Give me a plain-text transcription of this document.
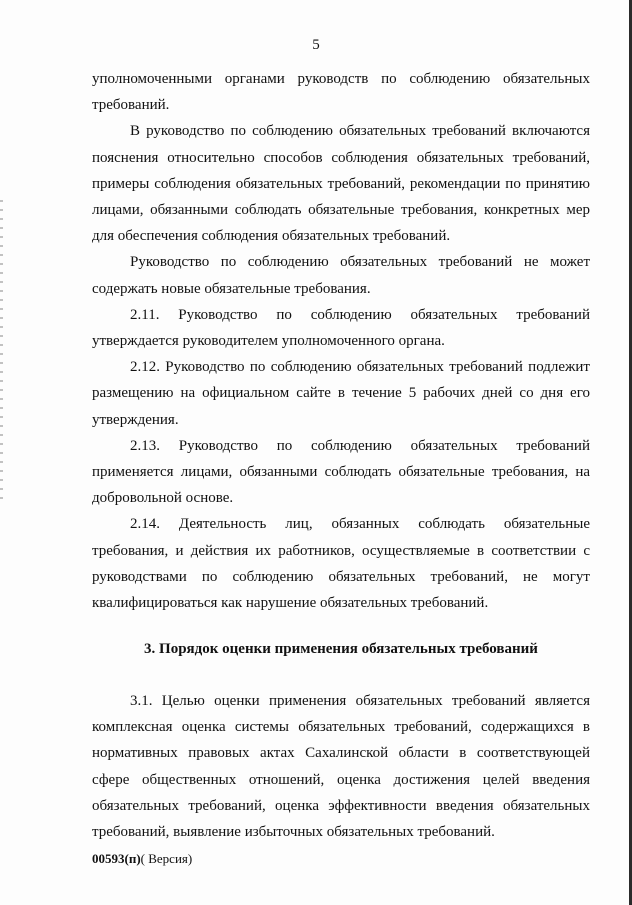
5

уполномоченными органами руководств по соблюдению обязательных требований.

В руководство по соблюдению обязательных требований включаются пояснения относительно способов соблюдения обязательных требований, примеры соблюдения обязательных требований, рекомендации по принятию лицами, обязанными соблюдать обязательные требования, конкретных мер для обеспечения соблюдения обязательных требований.

Руководство по соблюдению обязательных требований не может содержать новые обязательные требования.

2.11. Руководство по соблюдению обязательных требований утверждается руководителем уполномоченного органа.

2.12. Руководство по соблюдению обязательных требований подлежит размещению на официальном сайте в течение 5 рабочих дней со дня его утверждения.

2.13. Руководство по соблюдению обязательных требований применяется лицами, обязанными соблюдать обязательные требования, на добровольной основе.

2.14. Деятельность лиц, обязанных соблюдать обязательные требования, и действия их работников, осуществляемые в соответствии с руководствами по соблюдению обязательных требований, не могут квалифицироваться как нарушение обязательных требований.

3. Порядок оценки применения обязательных требований

3.1. Целью оценки применения обязательных требований является комплексная оценка системы обязательных требований, содержащихся в нормативных правовых актах Сахалинской области в соответствующей сфере общественных отношений, оценка достижения целей введения обязательных требований, оценка эффективности введения обязательных требований, выявление избыточных обязательных требований.

00593(п)( Версия)
